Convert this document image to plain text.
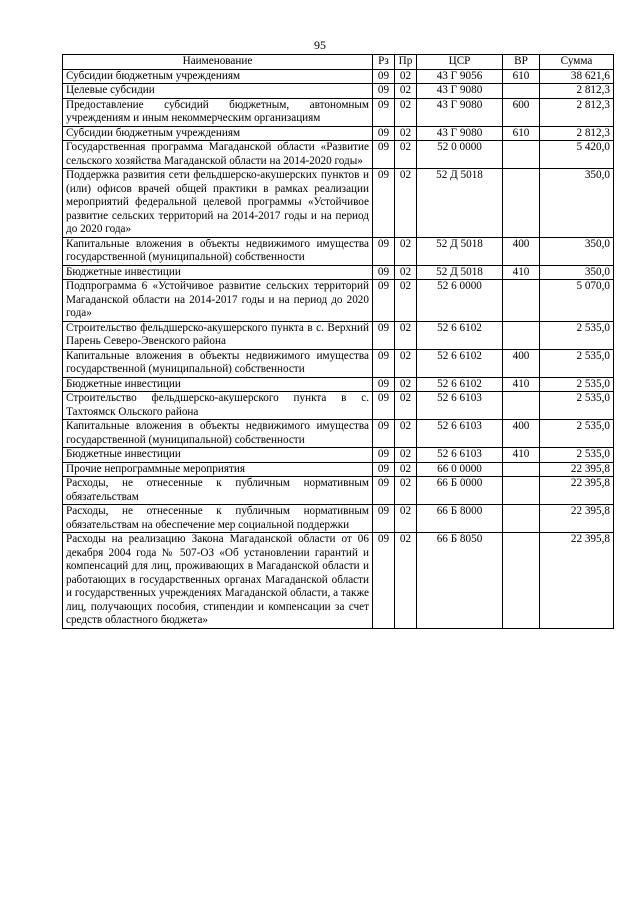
95
Наименование	Рз	Пр	ЦСР	ВР	Сумма
Субсидии бюджетным учреждениям	09	02	43 Г 9056	610	38 621,6
Целевые субсидии	09	02	43 Г 9080		2 812,3
Предоставление субсидий бюджетным, автономным учреждениям и иным некоммерческим организациям	09	02	43 Г 9080	600	2 812,3
Субсидии бюджетным учреждениям	09	02	43 Г 9080	610	2 812,3
Государственная программа Магаданской области «Развитие сельского хозяйства Магаданской области на 2014-2020 годы»	09	02	52 0 0000		5 420,0
Поддержка развития сети фельдшерско-акушерских пунктов и (или) офисов врачей общей практики в рамках реализации мероприятий федеральной целевой программы «Устойчивое развитие сельских территорий на 2014-2017 годы и на период до 2020 года»	09	02	52 Д 5018		350,0
Капитальные вложения в объекты недвижимого имущества государственной (муниципальной) собственности	09	02	52 Д 5018	400	350,0
Бюджетные инвестиции	09	02	52 Д 5018	410	350,0
Подпрограмма 6 «Устойчивое развитие сельских территорий Магаданской области на 2014-2017 годы и на период до 2020 года»	09	02	52 6 0000		5 070,0
Строительство фельдшерско-акушерского пункта в с. Верхний Парень Северо-Эвенского района	09	02	52 6 6102		2 535,0
Капитальные вложения в объекты недвижимого имущества государственной (муниципальной) собственности	09	02	52 6 6102	400	2 535,0
Бюджетные инвестиции	09	02	52 6 6102	410	2 535,0
Строительство фельдшерско-акушерского пункта в с. Тахтоямск Ольского района	09	02	52 6 6103		2 535,0
Капитальные вложения в объекты недвижимого имущества государственной (муниципальной) собственности	09	02	52 6 6103	400	2 535,0
Бюджетные инвестиции	09	02	52 6 6103	410	2 535,0
Прочие непрограммные мероприятия	09	02	66 0 0000		22 395,8
Расходы, не отнесенные к публичным нормативным обязательствам	09	02	66 Б 0000		22 395,8
Расходы, не отнесенные к публичным нормативным обязательствам на обеспечение мер социальной поддержки	09	02	66 Б 8000		22 395,8
Расходы на реализацию Закона Магаданской области от 06 декабря 2004 года № 507-ОЗ «Об установлении гарантий и компенсаций для лиц, проживающих в Магаданской области и работающих в государственных органах Магаданской области и государственных учреждениях Магаданской области, а также лиц, получающих пособия, стипендии и компенсации за счет средств областного бюджета»	09	02	66 Б 8050		22 395,8
